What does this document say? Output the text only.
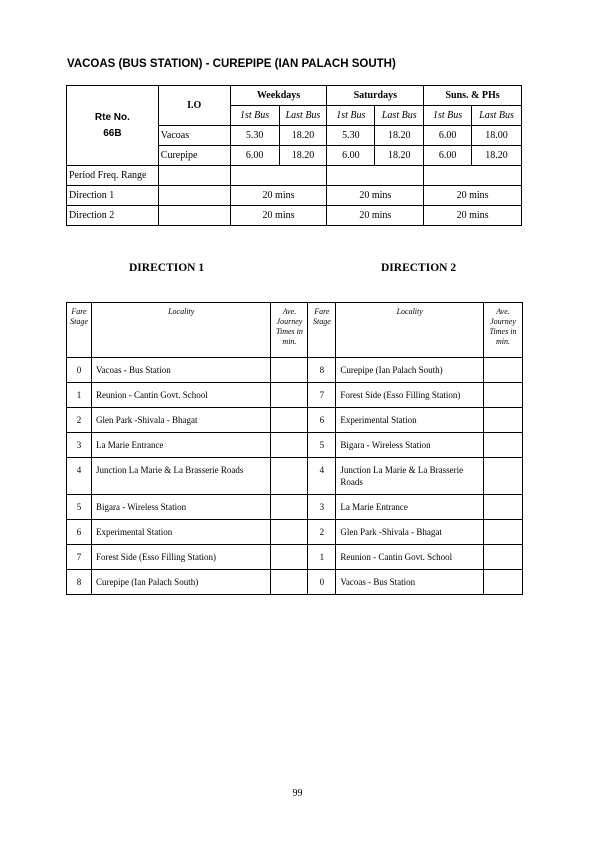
VACOAS (BUS STATION) - CUREPIPE (IAN PALACH SOUTH)
Rte No.
66B	I.O	Weekdays		Saturdays		Suns. & PHs	
		1st Bus	Last Bus	1st Bus	Last Bus	1st Bus	Last Bus
	Vacoas	5.30	18.20	5.30	18.20	6.00	18.00
	Curepipe	6.00	18.20	6.00	18.20	6.00	18.20
Period Freq. Range							
Direction 1		20 mins		20 mins		20 mins	
Direction 2		20 mins		20 mins		20 mins	
DIRECTION 1	DIRECTION 2
Fare Stage	Locality	Ave. Journey Times in min.	Fare Stage	Locality	Ave. Journey Times in min.
0	Vacoas - Bus Station		8	Curepipe (Ian Palach South)	
1	Reunion - Cantin Govt. School		7	Forest Side (Esso Filling Station)	
2	Glen Park -Shivala - Bhagat		6	Experimental Station	
3	La Marie Entrance		5	Bigara - Wireless Station	
4	Junction La Marie & La Brasserie Roads		4	Junction La Marie & La Brasserie Roads	
5	Bigara - Wireless Station		3	La Marie Entrance	
6	Experimental Station		2	Glen Park -Shivala - Bhagat	
7	Forest Side (Esso Filling Station)		1	Reunion - Cantin Govt. School	
8	Curepipe (Ian Palach South)		0	Vacoas - Bus Station	
99
